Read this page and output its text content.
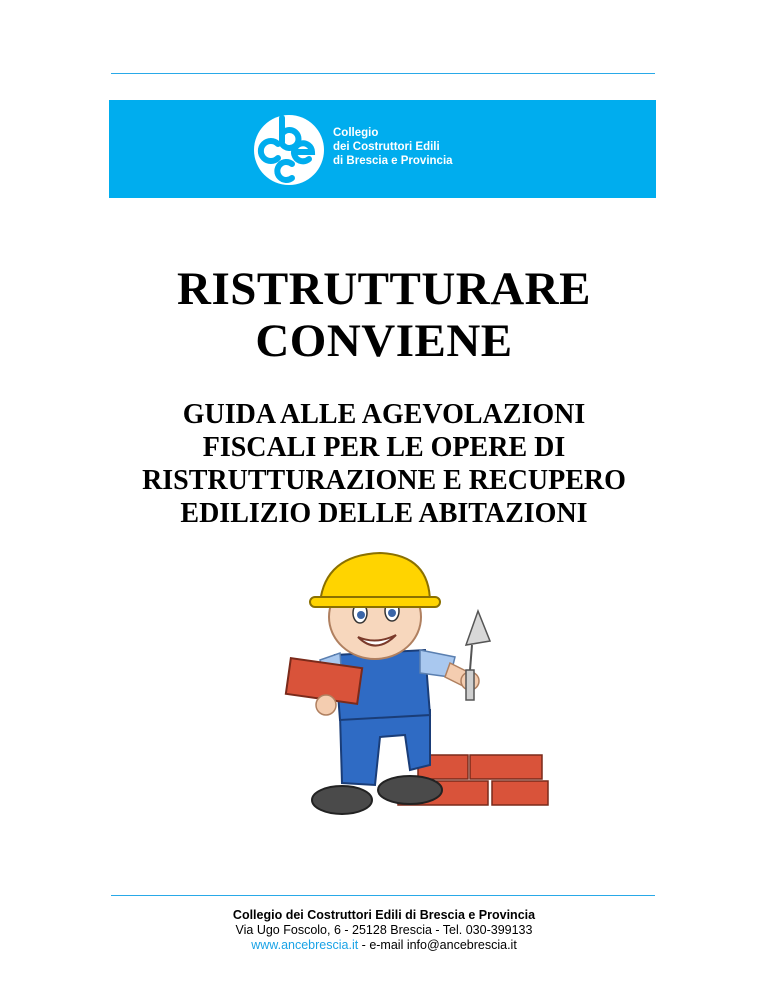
Collegio
dei Costruttori Edili
di Brescia e Provincia
RISTRUTTURARE
CONVIENE
GUIDA ALLE AGEVOLAZIONI
FISCALI PER LE OPERE DI
RISTRUTTURAZIONE E RECUPERO
EDILIZIO DELLE ABITAZIONI
Collegio dei Costruttori Edili di Brescia e Provincia
Via Ugo Foscolo, 6 - 25128 Brescia - Tel. 030-399133
www.ancebrescia.it - e-mail info@ancebrescia.it
